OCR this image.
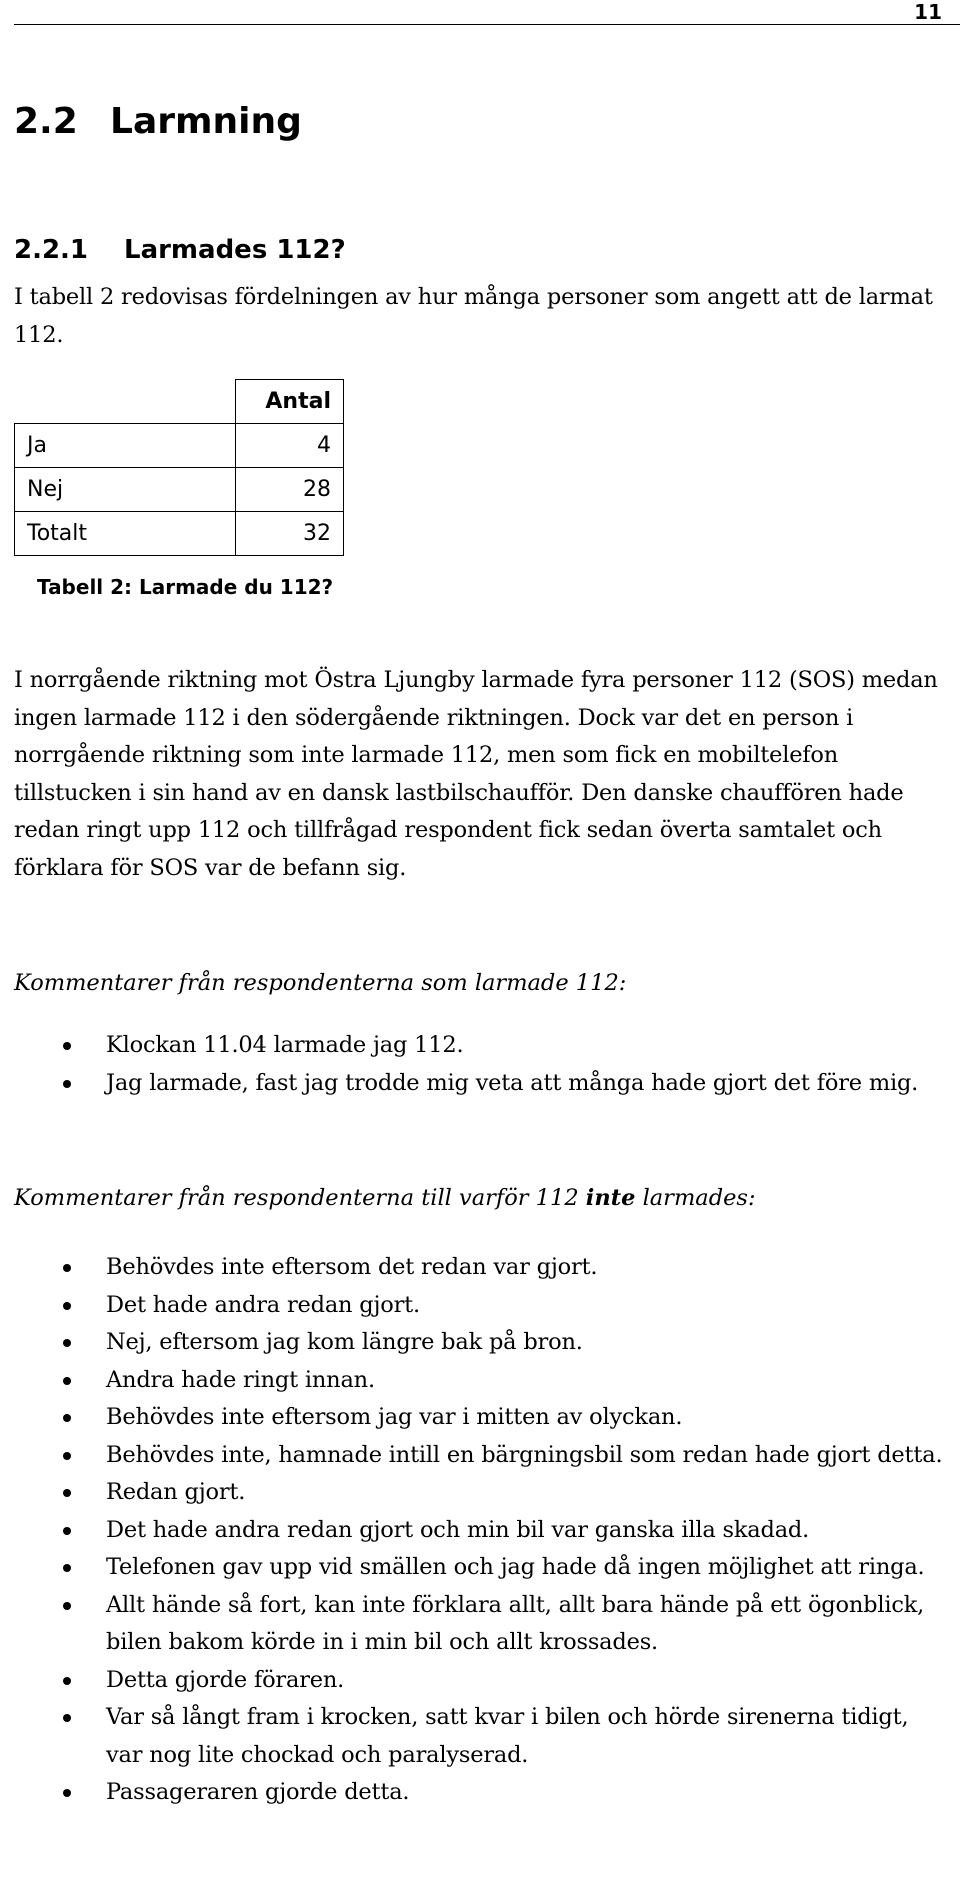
11
2.2 Larmning
2.2.1 Larmades 112?

I tabell 2 redovisas fördelningen av hur många personer som angett att de larmat 112.

	Antal
Ja	4
Nej	28
Totalt	32

Tabell 2: Larmade du 112?

I norrgående riktning mot Östra Ljungby larmade fyra personer 112 (SOS) medan ingen larmade 112 i den södergående riktningen. Dock var det en person i norrgående riktning som inte larmade 112, men som fick en mobiltelefon tillstucken i sin hand av en dansk lastbilschaufför. Den danske chauffören hade redan ringt upp 112 och tillfrågad respondent fick sedan överta samtalet och förklara för SOS var de befann sig.

Kommentarer från respondenterna som larmade 112:

Klockan 11.04 larmade jag 112.
Jag larmade, fast jag trodde mig veta att många hade gjort det före mig.

Kommentarer från respondenterna till varför 112 inte larmades:

Behövdes inte eftersom det redan var gjort.
Det hade andra redan gjort.
Nej, eftersom jag kom längre bak på bron.
Andra hade ringt innan.
Behövdes inte eftersom jag var i mitten av olyckan.
Behövdes inte, hamnade intill en bärgningsbil som redan hade gjort detta.
Redan gjort.
Det hade andra redan gjort och min bil var ganska illa skadad.
Telefonen gav upp vid smällen och jag hade då ingen möjlighet att ringa.
Allt hände så fort, kan inte förklara allt, allt bara hände på ett ögonblick, bilen bakom körde in i min bil och allt krossades.
Detta gjorde föraren.
Var så långt fram i krocken, satt kvar i bilen och hörde sirenerna tidigt, var nog lite chockad och paralyserad.
Passageraren gjorde detta.
